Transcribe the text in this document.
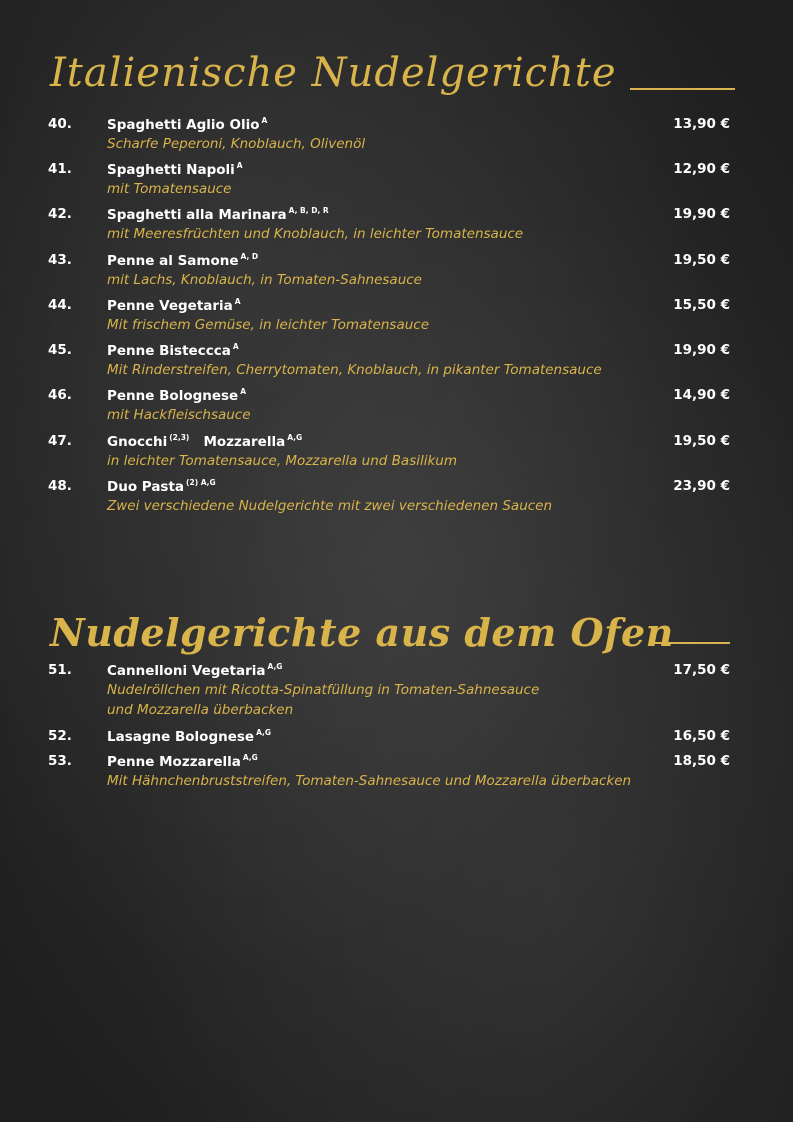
Italienische Nudelgerichte
40.	Spaghetti Aglio Olio $^A$	13,90 €
Scharfe Peperoni, Knoblauch, Olivenöl
41.	Spaghetti Napoli $^A$	12,90 €
mit Tomatensauce
42.	Spaghetti alla Marinara $^{A, B, D, R}$	19,90 €
mit Meeresfrüchten und Knoblauch, in leichter Tomatensauce
43.	Penne al Samone $^{A, D}$	19,50 €
mit Lachs, Knoblauch, in Tomaten-Sahnesauce
44.	Penne Vegetaria $^A$	15,50 €
Mit frischem Gemüse, in leichter Tomatensauce
45.	Penne Bisteccca $^A$	19,90 €
Mit Rinderstreifen, Cherrytomaten, Knoblauch, in pikanter Tomatensauce
46.	Penne Bolognese $^A$	14,90 €
mit Hackfleischsauce
47.	Gnocchi $^{(2,3)}$ Mozzarella $^{A,G}$	19,50 €
in leichter Tomatensauce, Mozzarella und Basilikum
48.	Duo Pasta $^{(2) A,G}$	23,90 €
Zwei verschiedene Nudelgerichte mit zwei verschiedenen Saucen
Nudelgerichte aus dem Ofen
51.	Cannelloni Vegetaria $^{A,G}$	17,50 €
Nudelröllchen mit Ricotta-Spinatfüllung in Tomaten-Sahnesauce
und Mozzarella überbacken
52.	Lasagne Bolognese $^{A,G}$	16,50 €
53.	Penne Mozzarella $^{A,G}$	18,50 €
Mit Hähnchenbruststreifen, Tomaten-Sahnesauce und Mozzarella überbacken
